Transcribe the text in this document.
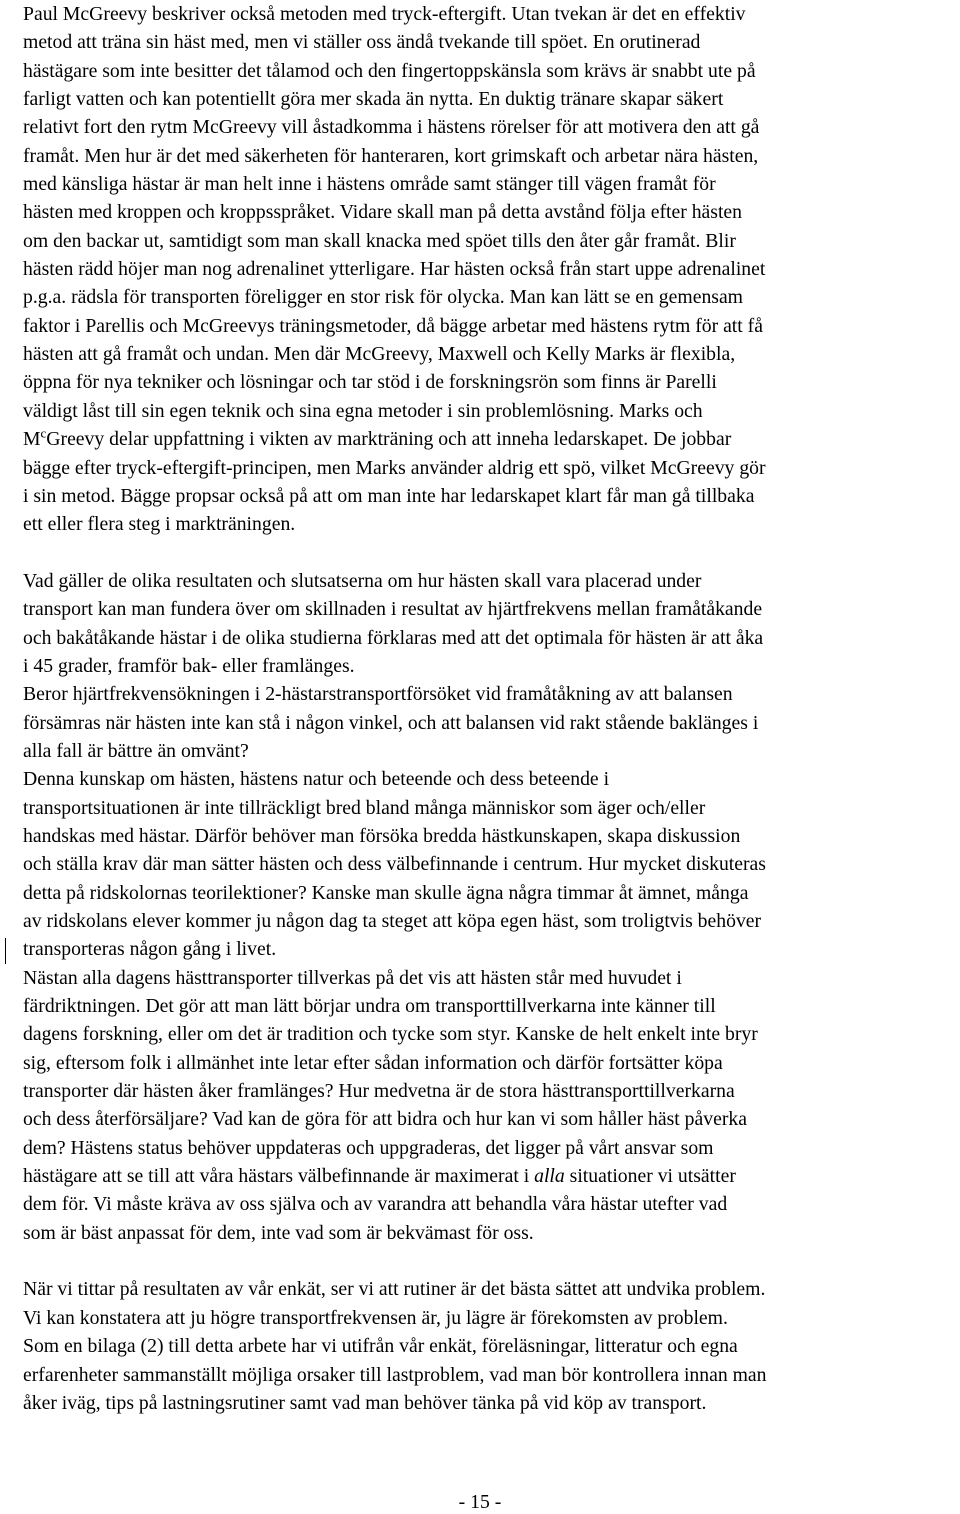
Paul McGreevy beskriver också metoden med tryck-eftergift. Utan tvekan är det en effektiv
metod att träna sin häst med, men vi ställer oss ändå tvekande till spöet. En orutinerad
hästägare som inte besitter det tålamod och den fingertoppskänsla som krävs är snabbt ute på
farligt vatten och kan potentiellt göra mer skada än nytta. En duktig tränare skapar säkert
relativt fort den rytm McGreevy vill åstadkomma i hästens rörelser för att motivera den att gå
framåt. Men hur är det med säkerheten för hanteraren, kort grimskaft och arbetar nära hästen,
med känsliga hästar är man helt inne i hästens område samt stänger till vägen framåt för
hästen med kroppen och kroppsspråket. Vidare skall man på detta avstånd följa efter hästen
om den backar ut, samtidigt som man skall knacka med spöet tills den åter går framåt. Blir
hästen rädd höjer man nog adrenalinet ytterligare. Har hästen också från start uppe adrenalinet
p.g.a. rädsla för transporten föreligger en stor risk för olycka. Man kan lätt se en gemensam
faktor i Parellis och McGreevys träningsmetoder, då bägge arbetar med hästens rytm för att få
hästen att gå framåt och undan. Men där McGreevy, Maxwell och Kelly Marks är flexibla,
öppna för nya tekniker och lösningar och tar stöd i de forskningsrön som finns är Parelli
väldigt låst till sin egen teknik och sina egna metoder i sin problemlösning. Marks och
$M^cGreevy$ delar uppfattning i vikten av markträning och att inneha ledarskapet. De jobbar
bägge efter tryck-eftergift-principen, men Marks använder aldrig ett spö, vilket McGreevy gör
i sin metod. Bägge propsar också på att om man inte har ledarskapet klart får man gå tillbaka
ett eller flera steg i markträningen.

Vad gäller de olika resultaten och slutsatserna om hur hästen skall vara placerad under
transport kan man fundera över om skillnaden i resultat av hjärtfrekvens mellan framåtåkande
och bakåtåkande hästar i de olika studierna förklaras med att det optimala för hästen är att åka
i 45 grader, framför bak- eller framlänges.
Beror hjärtfrekvensökningen i 2-hästarstransportförsöket vid framåtåkning av att balansen
försämras när hästen inte kan stå i någon vinkel, och att balansen vid rakt stående baklänges i
alla fall är bättre än omvänt?
Denna kunskap om hästen, hästens natur och beteende och dess beteende i
transportsituationen är inte tillräckligt bred bland många människor som äger och/eller
handskas med hästar. Därför behöver man försöka bredda hästkunskapen, skapa diskussion
och ställa krav där man sätter hästen och dess välbefinnande i centrum. Hur mycket diskuteras
detta på ridskolornas teorilektioner? Kanske man skulle ägna några timmar åt ämnet, många
av ridskolans elever kommer ju någon dag ta steget att köpa egen häst, som troligtvis behöver
transporteras någon gång i livet.
Nästan alla dagens hästtransporter tillverkas på det vis att hästen står med huvudet i
färdriktningen. Det gör att man lätt börjar undra om transporttillverkarna inte känner till
dagens forskning, eller om det är tradition och tycke som styr. Kanske de helt enkelt inte bryr
sig, eftersom folk i allmänhet inte letar efter sådan information och därför fortsätter köpa
transporter där hästen åker framlänges? Hur medvetna är de stora hästtransporttillverkarna
och dess återförsäljare? Vad kan de göra för att bidra och hur kan vi som håller häst påverka
dem? Hästens status behöver uppdateras och uppgraderas, det ligger på vårt ansvar som
hästägare att se till att våra hästars välbefinnande är maximerat i alla situationer vi utsätter
dem för. Vi måste kräva av oss själva och av varandra att behandla våra hästar utefter vad
som är bäst anpassat för dem, inte vad som är bekvämast för oss.

När vi tittar på resultaten av vår enkät, ser vi att rutiner är det bästa sättet att undvika problem.
Vi kan konstatera att ju högre transportfrekvensen är, ju lägre är förekomsten av problem.
Som en bilaga (2) till detta arbete har vi utifrån vår enkät, föreläsningar, litteratur och egna
erfarenheter sammanställt möjliga orsaker till lastproblem, vad man bör kontrollera innan man
åker iväg, tips på lastningsrutiner samt vad man behöver tänka på vid köp av transport.

- 15 -
